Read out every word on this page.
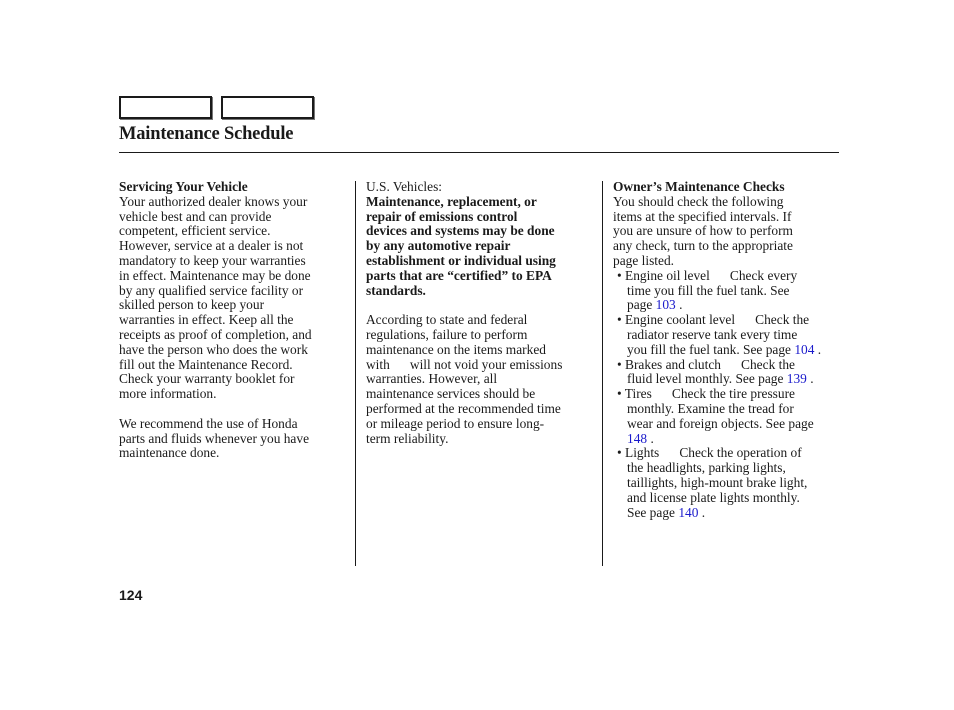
Maintenance Schedule
Servicing Your Vehicle
Your authorized dealer knows your
vehicle best and can provide
competent, efficient service.
However, service at a dealer is not
mandatory to keep your warranties
in effect. Maintenance may be done
by any qualified service facility or
skilled person to keep your
warranties in effect. Keep all the
receipts as proof of completion, and
have the person who does the work
fill out the Maintenance Record.
Check your warranty booklet for
more information.
We recommend the use of Honda
parts and fluids whenever you have
maintenance done.
U.S. Vehicles:
Maintenance, replacement, or
repair of emissions control
devices and systems may be done
by any automotive repair
establishment or individual using
parts that are “certified” to EPA
standards.
According to state and federal
regulations, failure to perform
maintenance on the items marked
with   will not void your emissions
warranties. However, all
maintenance services should be
performed at the recommended time
or mileage period to ensure long-
term reliability.
Owner’s Maintenance Checks
You should check the following
items at the specified intervals. If
you are unsure of how to perform
any check, turn to the appropriate
page listed.
• Engine oil level   Check every
time you fill the fuel tank. See
page 103 .
• Engine coolant level   Check the
radiator reserve tank every time
you fill the fuel tank. See page 104 .
• Brakes and clutch   Check the
fluid level monthly. See page 139 .
• Tires   Check the tire pressure
monthly. Examine the tread for
wear and foreign objects. See page
148 .
• Lights   Check the operation of
the headlights, parking lights,
taillights, high-mount brake light,
and license plate lights monthly.
See page 140 .
124
